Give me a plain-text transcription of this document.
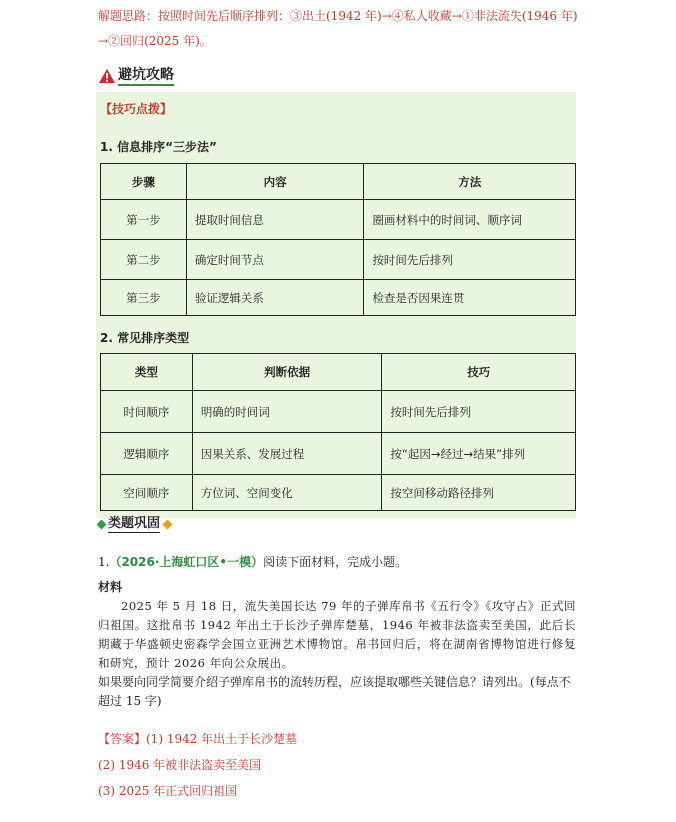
解题思路：按照时间先后顺序排列：③出土(1942 年)→④私人收藏→①非法流失(1946 年)
→②回归(2025 年)。
避坑攻略
【技巧点拨】
1. 信息排序“三步法”
步骤	内容	方法
第一步	提取时间信息	圈画材料中的时间词、顺序词
第二步	确定时间节点	按时间先后排列
第三步	验证逻辑关系	检查是否因果连贯
2. 常见排序类型
类型	判断依据	技巧
时间顺序	明确的时间词	按时间先后排列
逻辑顺序	因果关系、发展过程	按“起因→经过→结果”排列
空间顺序	方位词、空间变化	按空间移动路径排列
类题巩固
1.（2026·上海虹口区•一模）阅读下面材料，完成小题。
材料

2025 年 5 月 18 日，流失美国长达 79 年的子弹库帛书《五行令》《攻守占》正式回归祖国。这批帛书 1942 年出土于长沙子弹库楚墓，1946 年被非法盗卖至美国，此后长期藏于华盛顿史密森学会国立亚洲艺术博物馆。帛书回归后，将在湖南省博物馆进行修复和研究，预计 2026 年向公众展出。

如果要向同学简要介绍子弹库帛书的流转历程，应该提取哪些关键信息？请列出。(每点不超过 15 字)
【答案】(1) 1942 年出土于长沙楚墓
(2) 1946 年被非法盗卖至美国
(3) 2025 年正式回归祖国
